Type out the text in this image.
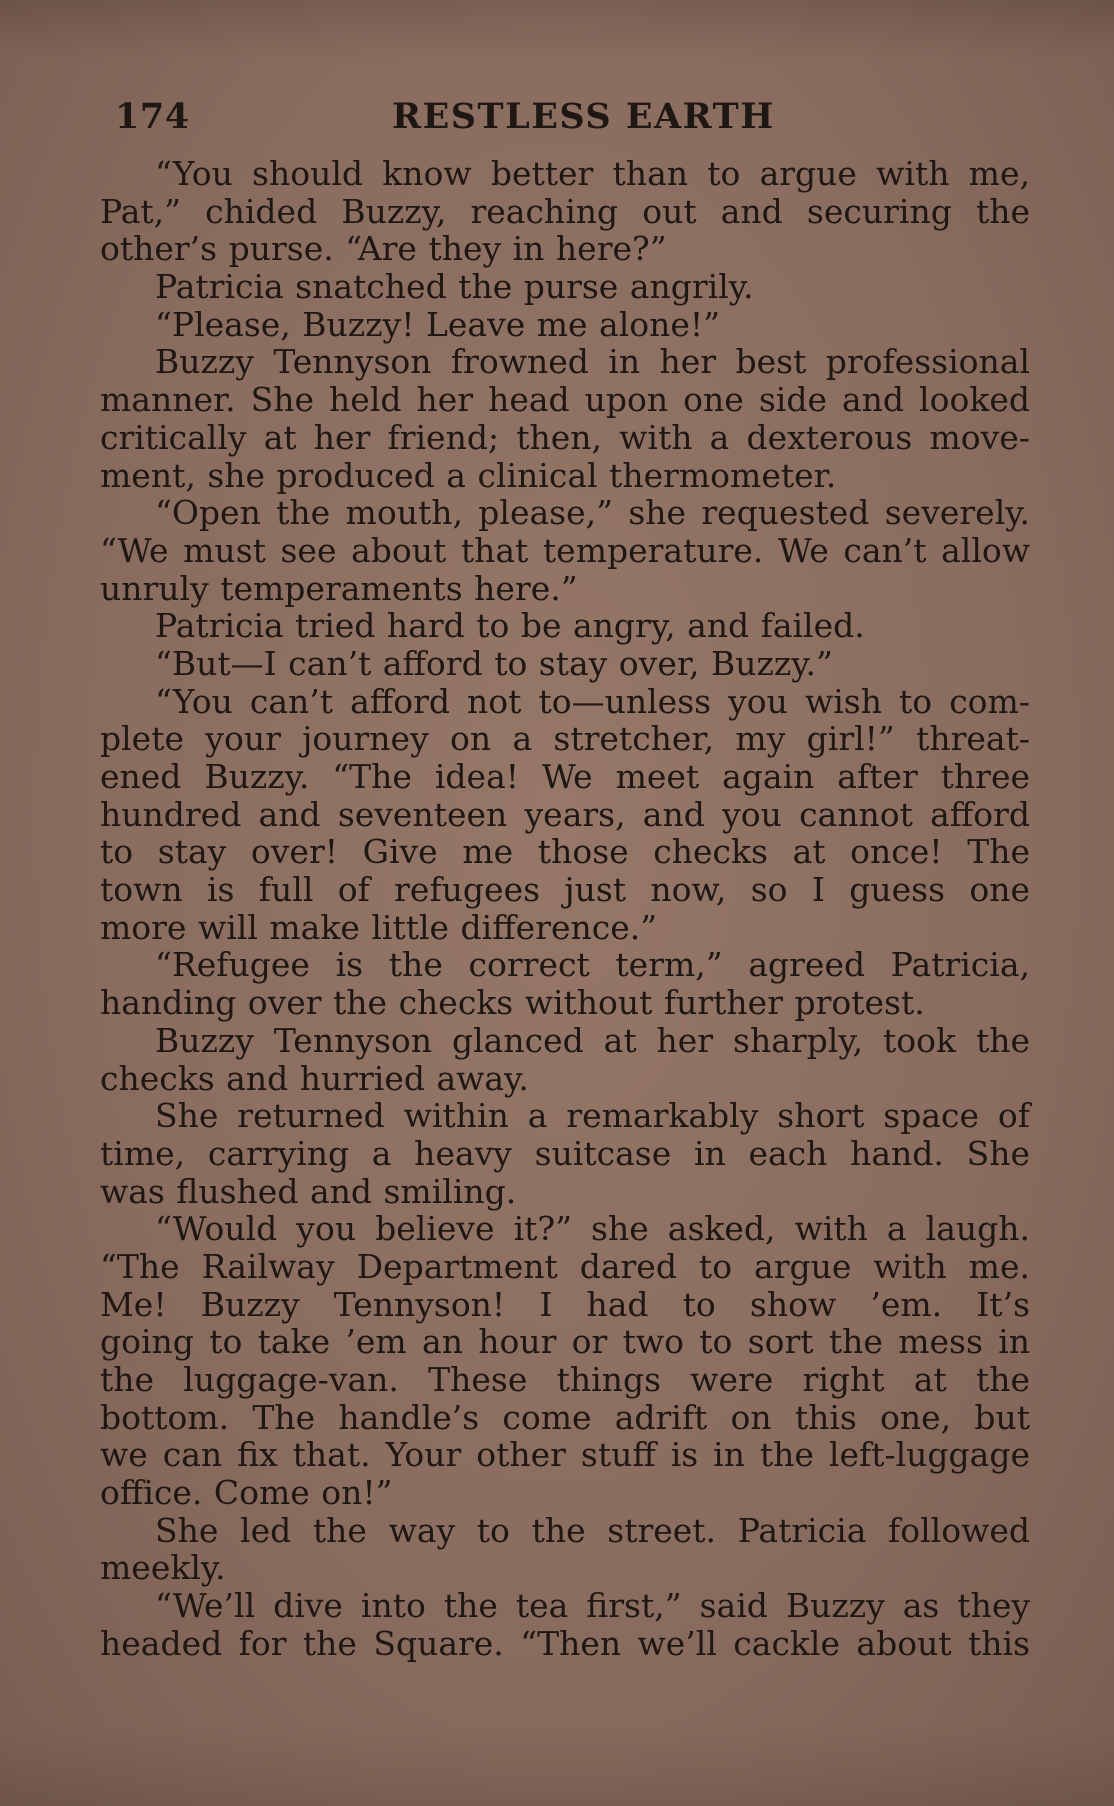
174	RESTLESS EARTH
“You should know better than to argue with me,
Pat,” chided Buzzy, reaching out and securing the
other’s purse. “Are they in here?”
Patricia snatched the purse angrily.
“Please, Buzzy! Leave me alone!”
Buzzy Tennyson frowned in her best professional
manner. She held her head upon one side and looked
critically at her friend; then, with a dexterous move-
ment, she produced a clinical thermometer.
“Open the mouth, please,” she requested severely.
“We must see about that temperature. We can’t allow
unruly temperaments here.”
Patricia tried hard to be angry, and failed.
“But—I can’t afford to stay over, Buzzy.”
“You can’t afford not to—unless you wish to com-
plete your journey on a stretcher, my girl!” threat-
ened Buzzy. “The idea! We meet again after three
hundred and seventeen years, and you cannot afford
to stay over! Give me those checks at once! The
town is full of refugees just now, so I guess one
more will make little difference.”
“Refugee is the correct term,” agreed Patricia,
handing over the checks without further protest.
Buzzy Tennyson glanced at her sharply, took the
checks and hurried away.
She returned within a remarkably short space of
time, carrying a heavy suitcase in each hand. She
was flushed and smiling.
“Would you believe it?” she asked, with a laugh.
“The Railway Department dared to argue with me.
Me! Buzzy Tennyson! I had to show ’em. It’s
going to take ’em an hour or two to sort the mess in
the luggage-van. These things were right at the
bottom. The handle’s come adrift on this one, but
we can fix that. Your other stuff is in the left-luggage
office. Come on!”
She led the way to the street. Patricia followed
meekly.
“We’ll dive into the tea first,” said Buzzy as they
headed for the Square. “Then we’ll cackle about this
